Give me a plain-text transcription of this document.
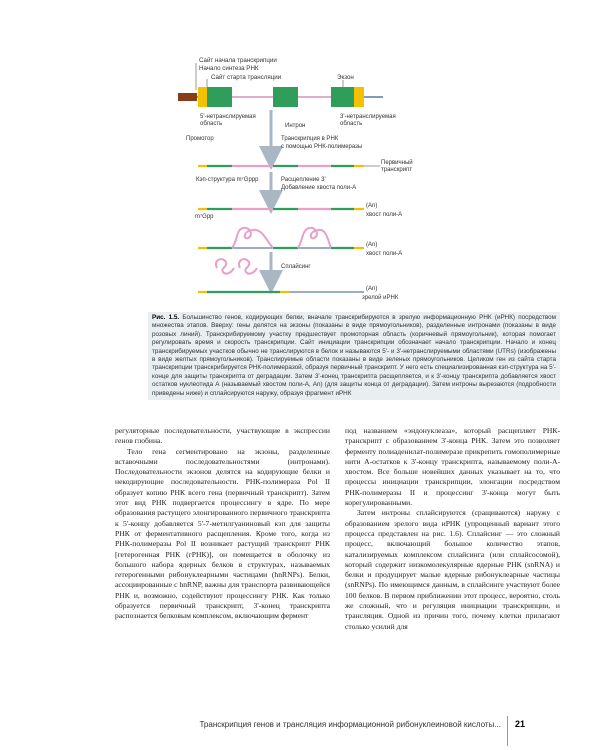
Сайт начала транскрипции
Начало синтеза РНК
Сайт старта трансляции	Экзон
5'-нетранслируемая
область	Интрон
3'-нетранслируемая
область
Промотор	Транскрипция в РНК
с помощью РНК-полимеразы
Первичный
транскрипт
Кэп-структура m⁷Gppp	Расщепление 3'
Добавление хвоста поли-А
m⁷Gpp
(An)
хвост поли-А
(An)
хвост поли-А
Сплайсинг
(An)
зрелой иРНК
Рис. 1.5. Большинство генов, кодирующих белки, вначале транскрибируются в зрелую информационную РНК (иРНК) посредством множества этапов. Вверху: гены делятся на экзоны (показаны в виде прямоугольников), разделенные интронами (показаны в виде розовых линий). Транскрибируемому участку предшествует промоторная область (коричневый прямоугольник), которая помогает регулировать время и скорость транскрипции. Сайт инициации транскрипции обозначает начало транскрипции. Начало и конец транскрибируемых участков обычно не транслируются в белок и называются 5'- и 3'-нетранслируемыми областями (UTRs) (изображены в виде желтых прямоугольников). Транслируемые области показаны в виде зеленых прямоугольников. Целиком ген из сайта старта транскрипции транскрибируется РНК-полимеразой, образуя первичный транскрипт. У него есть специализированная кэп-структура на 5'-конце для защиты транскрипта от деградации. Затем 3'-конец транскрипта расщепляется, и к 3'-концу транскрипта добавляется хвост остатков нуклеотида А (называемый хвостом поли-А, An) (для защиты конца от деградации). Затем интроны вырезаются (подробности приведены ниже) и сплайсируются наружу, образуя фрагмент иРНК

регуляторные последовательности, участвующие в экспрессии генов глобина.

Тело гена сегментировано на экзоны, разделенные вставочными последовательностями (интронами). Последовательности экзонов делятся на кодирующие белки и некодирующие последовательности. РНК-полимераза Pol II образует копию РНК всего гена (первичный транскрипт). Затем этот вид РНК подвергается процессингу в ядре. По мере образования растущего элонгированного первичного транскрипта к 5'-концу добавляется 5'-7-метилгуаниновый кэп для защиты РНК от ферментативного расщепления. Кроме того, когда из РНК-полимеразы Pol II возникает растущий транскрипт РНК [гетерогенная РНК (гРНК)], он помещается в оболочку из большого набора ядерных белков в структурах, называемых гетерогенными рибонуклеарными частицами (hnRNPs). Белки, ассоциированные с hnRNP, важны для транспорта развивающейся РНК и, возможно, содействуют процессингу РНК. Как только образуется первичный транскрипт, 3'-конец транскрипта распознается белковым комплексом, включающим фермент

под названием «эндонуклеаза», который расщепляет РНК-транскрипт с образованием 3'-конца РНК. Затем это позволяет ферменту полиаденилат-полимеразе прикрепить гомополимерные нити А-остатков к 3'-концу транскрипта, называемому поли-А-хвостом. Все больше новейших данных указывает на то, что процессы инициации транскрипции, элонгации посредством РНК-полимеразы II и процессинг 3'-конца могут быть корегулированными.

Затем интроны сплайсируются (сращиваются) наружу с образованием зрелого вида иРНК (упрощенный вариант этого процесса представлен на рис. 1.6). Сплайсинг — это сложный процесс, включающий большое количество этапов, катализируемых комплексом сплайсинга (или сплайсосомой), который содержит низкомолекулярные ядерные РНК (snRNA) и белки и продуцирует малые ядерные рибонуклеарные частицы (snRNPs). По имеющимся данным, в сплайсинге участвуют более 100 белков. В первом приближении этот процесс, вероятно, столь же сложный, что и регуляция инициации транскрипции, и трансляция. Одной из причин того, почему клетки прилагают столько усилий для

Транскрипция генов и трансляция информационной рибонуклеиновой кислоты... 21
